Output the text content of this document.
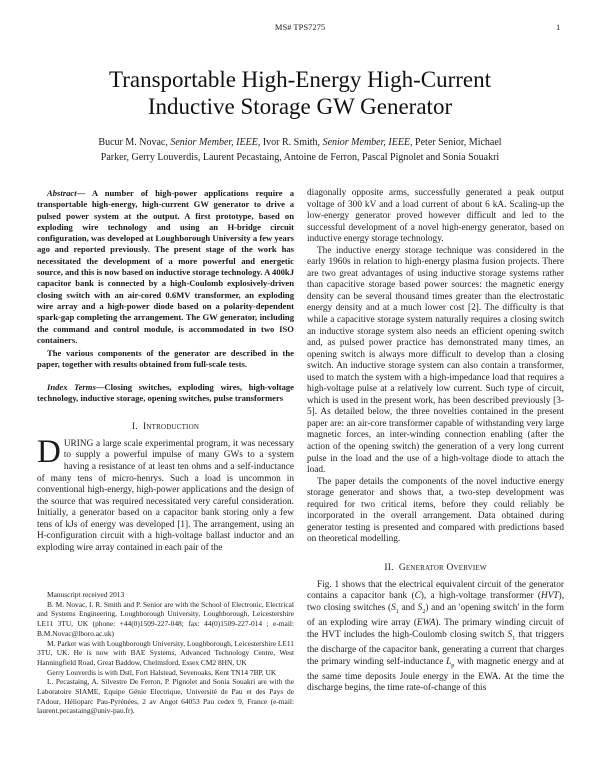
MS# TPS7275	1
Transportable High-Energy High-Current
Inductive Storage GW Generator
Bucur M. Novac, Senior Member, IEEE, Ivor R. Smith, Senior Member, IEEE, Peter Senior, Michael
Parker, Gerry Louverdis, Laurent Pecastaing, Antoine de Ferron, Pascal Pignolet and Sonia Souakri

Abstract— A number of high-power applications require a transportable high-energy, high-current GW generator to drive a pulsed power system at the output. A first prototype, based on exploding wire technology and using an H-bridge circuit configuration, was developed at Loughborough University a few years ago and reported previously. The present stage of the work has necessitated the development of a more powerful and energetic source, and this is now based on inductive storage technology. A 400kJ capacitor bank is connected by a high-Coulomb explosively-driven closing switch with an air-cored 0.6MV transformer, an exploding wire array and a high-power diode based on a polarity-dependent spark-gap completing the arrangement. The GW generator, including the command and control module, is accommodated in two ISO containers.

The various components of the generator are described in the paper, together with results obtained from full-scale tests.

Index Terms—Closing switches, exploding wires, high-voltage technology, inductive storage, opening switches, pulse transformers

I. Introduction

DURING a large scale experimental program, it was necessary to supply a powerful impulse of many GWs to a system having a resistance of at least ten ohms and a self-inductance of many tens of micro-henrys. Such a load is uncommon in conventional high-energy, high-power applications and the design of the source that was required necessitated very careful consideration. Initially, a generator based on a capacitor bank storing only a few tens of kJs of energy was developed [1]. The arrangement, using an H-configuration circuit with a high-voltage ballast inductor and an exploding wire array contained in each pair of the

Manuscript received 2013

B. M. Novac, I. R. Smith and P. Senior are with the School of Electronic, Electrical and Systems Engineering, Loughborough University, Loughborough, Leicestershire LE11 3TU, UK (phone: +44(0)1509-227-048; fax: 44(0)1509-227-014 ; e-mail: B.M.Novac@lboro.ac.uk)

M. Parker was with Loughborough University, Loughborough, Leicestershire LE11 3TU, UK. He is now with BAE Systems, Advanced Technology Centre, West Hanningfield Road, Great Baddow, Chelmsford, Essex CM2 8HN, UK

Gerry Louverdis is with Dstl, Fort Halstead, Sevenoaks, Kent TN14 7BP, UK

L. Pecastaing, A. Silvestre De Ferron, P. Pignolet and Sonia Souakri are with the Laboratoire SIAME, Equipe Génie Electrique, Université de Pau et des Pays de l'Adour, Hélioparc Pau-Pyrénées, 2 av Angot 64053 Pau cedex 9, France (e-mail: laurent.pecastaing@univ-pau.fr).

diagonally opposite arms, successfully generated a peak output voltage of 300 kV and a load current of about 6 kA. Scaling-up the low-energy generator proved however difficult and led to the successful development of a novel high-energy generator, based on inductive energy storage technology.

The inductive energy storage technique was considered in the early 1960s in relation to high-energy plasma fusion projects. There are two great advantages of using inductive storage systems rather than capacitive storage based power sources: the magnetic energy density can be several thousand times greater than the electrostatic energy density and at a much lower cost [2]. The difficulty is that while a capacitive storage system naturally requires a closing switch an inductive storage system also needs an efficient opening switch and, as pulsed power practice has demonstrated many times, an opening switch is always more difficult to develop than a closing switch. An inductive storage system can also contain a transformer, used to match the system with a high-impedance load that requires a high-voltage pulse at a relatively low current. Such type of circuit, which is used in the present work, has been described previously [3-5]. As detailed below, the three novelties contained in the present paper are: an air-core transformer capable of withstanding very large magnetic forces, an inter-winding connection enabling (after the action of the opening switch) the generation of a very long current pulse in the load and the use of a high-voltage diode to attach the load.

The paper details the components of the novel inductive energy storage generator and shows that, a two-step development was required for two critical items, before they could reliably be incorporated in the overall arrangement. Data obtained during generator testing is presented and compared with predictions based on theoretical modelling.

II. Generator Overview

Fig. 1 shows that the electrical equivalent circuit of the generator contains a capacitor bank (C), a high-voltage transformer (HVT), two closing switches ($S_1$ and $S_2$) and an 'opening switch' in the form of an exploding wire array (EWA). The primary winding circuit of the HVT includes the high-Coulomb closing switch $S_1$ that triggers the discharge of the capacitor bank, generating a current that charges the primary winding self-inductance $L_p$ with magnetic energy and at the same time deposits Joule energy in the EWA. At the time the discharge begins, the time rate-of-change of this
